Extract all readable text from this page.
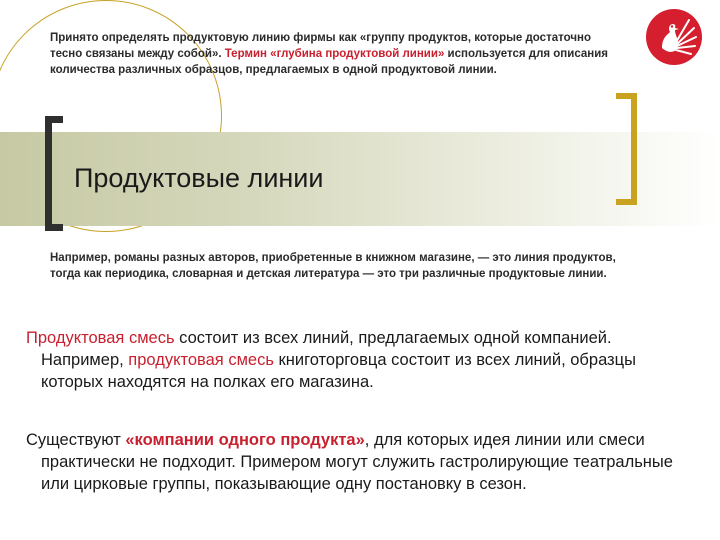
Принято определять продуктовую линию фирмы как «группу продуктов, которые достаточно тесно связаны между собой». Термин «глубина продуктовой линии» используется для описания количества различных образцов, предлагаемых в одной продуктовой линии.
Продуктовые линии
Например, романы разных авторов, приобретенные в книжном магазине, — это линия продуктов, тогда как периодика, словарная и детская литература — это три различные продуктовые линии.
Продуктовая смесь состоит из всех линий, предлагаемых одной компанией. Например, продуктовая смесь книготорговца состоит из всех линий, образцы которых находятся на полках его магазина.
Существуют «компании одного продукта», для которых идея линии или смеси практически не подходит. Примером могут служить гастролирующие театральные или цирковые группы, показывающие одну постановку в сезон.
